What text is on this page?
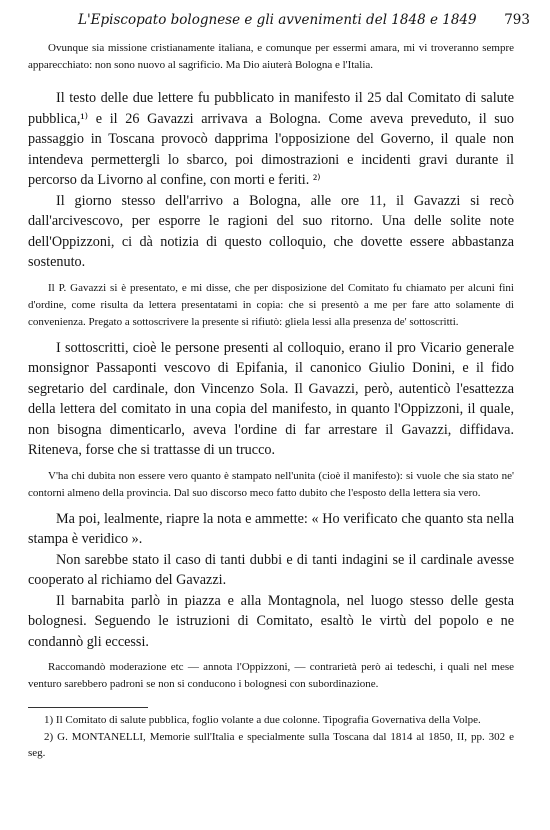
L'Episcopato bolognese e gli avvenimenti del 1848 e 1849 793

Ovunque sia missione cristianamente italiana, e comunque per essermi amara, mi vi troveranno sempre apparecchiato: non sono nuovo al sagrificio. Ma Dio aiuterà Bologna e l'Italia.

Il testo delle due lettere fu pubblicato in manifesto il 25 dal Comitato di salute pubblica,¹⁾ e il 26 Gavazzi arrivava a Bologna. Come aveva preveduto, il suo passaggio in Toscana provocò dapprima l'opposizione del Governo, il quale non intendeva permettergli lo sbarco, poi dimostrazioni e incidenti gravi durante il percorso da Livorno al confine, con morti e feriti. ²⁾

Il giorno stesso dell'arrivo a Bologna, alle ore 11, il Gavazzi si recò dall'arcivescovo, per esporre le ragioni del suo ritorno. Una delle solite note dell'Oppizzoni, ci dà notizia di questo colloquio, che dovette essere abbastanza sostenuto.

Il P. Gavazzi si è presentato, e mi disse, che per disposizione del Comitato fu chiamato per alcuni fini d'ordine, come risulta da lettera presentatami in copia: che si presentò a me per fare atto solamente di convenienza. Pregato a sottoscrivere la presente si rifiutò: gliela lessi alla presenza de' sottoscritti.

I sottoscritti, cioè le persone presenti al colloquio, erano il pro Vicario generale monsignor Passaponti vescovo di Epifania, il canonico Giulio Donini, e il fido segretario del cardinale, don Vincenzo Sola. Il Gavazzi, però, autenticò l'esattezza della lettera del comitato in una copia del manifesto, in quanto l'Oppizzoni, il quale, non bisogna dimenticarlo, aveva l'ordine di far arrestare il Gavazzi, diffidava. Riteneva, forse che si trattasse di un trucco.

V'ha chi dubita non essere vero quanto è stampato nell'unita (cioè il manifesto): si vuole che sia stato ne' contorni almeno della provincia. Dal suo discorso meco fatto dubito che l'esposto della lettera sia vero.

Ma poi, lealmente, riapre la nota e ammette: « Ho verificato che quanto sta nella stampa è veridico ».

Non sarebbe stato il caso di tanti dubbi e di tanti indagini se il cardinale avesse cooperato al richiamo del Gavazzi.

Il barnabita parlò in piazza e alla Montagnola, nel luogo stesso delle gesta bolognesi. Seguendo le istruzioni di Comitato, esaltò le virtù del popolo e ne condannò gli eccessi.

Raccomandò moderazione etc — annota l'Oppizzoni, — contrarietà però ai tedeschi, i quali nel mese venturo sarebbero padroni se non si conducono i bolognesi con subordinazione.

1) Il Comitato di salute pubblica, foglio volante a due colonne. Tipografia Governativa della Volpe.

2) G. MONTANELLI, Memorie sull'Italia e specialmente sulla Toscana dal 1814 al 1850, II, pp. 302 e seg.
